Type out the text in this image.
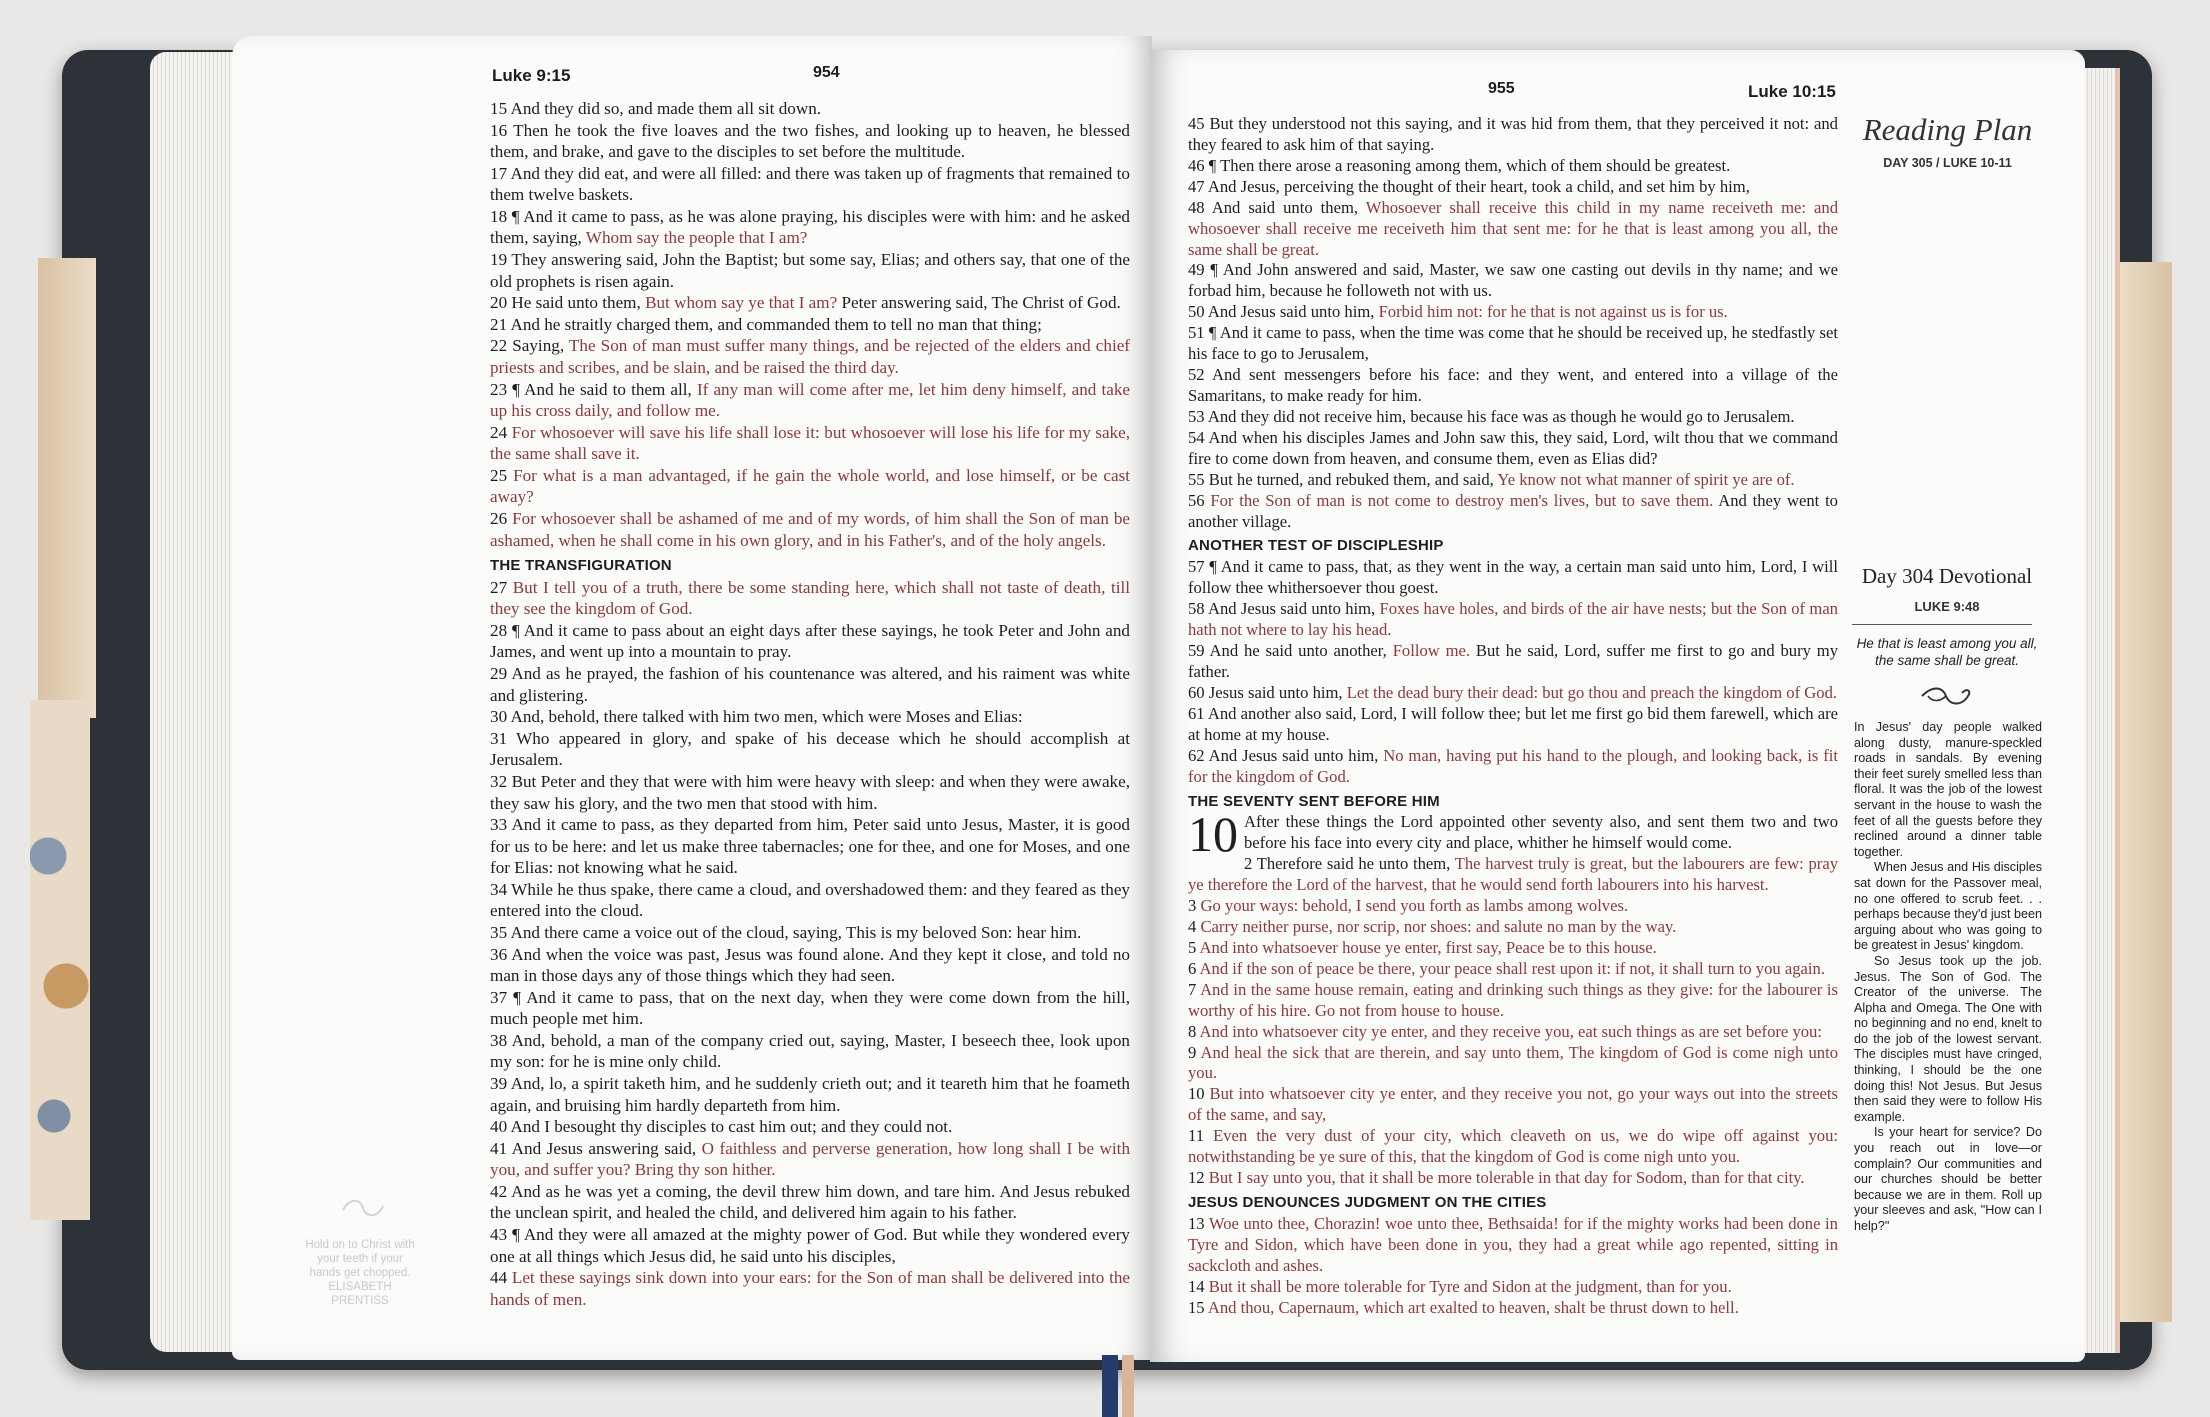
Luke 9:15	954

15 And they did so, and made them all sit down.

16 Then he took the five loaves and the two fishes, and looking up to heaven, he blessed them, and brake, and gave to the disciples to set before the multitude.

17 And they did eat, and were all filled: and there was taken up of fragments that remained to them twelve baskets.

18 ¶ And it came to pass, as he was alone praying, his disciples were with him: and he asked them, saying, Whom say the people that I am?

19 They answering said, John the Baptist; but some say, Elias; and others say, that one of the old prophets is risen again.

20 He said unto them, But whom say ye that I am? Peter answering said, The Christ of God.

21 And he straitly charged them, and commanded them to tell no man that thing;

22 Saying, The Son of man must suffer many things, and be rejected of the elders and chief priests and scribes, and be slain, and be raised the third day.

23 ¶ And he said to them all, If any man will come after me, let him deny himself, and take up his cross daily, and follow me.

24 For whosoever will save his life shall lose it: but whosoever will lose his life for my sake, the same shall save it.

25 For what is a man advantaged, if he gain the whole world, and lose himself, or be cast away?

26 For whosoever shall be ashamed of me and of my words, of him shall the Son of man be ashamed, when he shall come in his own glory, and in his Father's, and of the holy angels.

THE TRANSFIGURATION

27 But I tell you of a truth, there be some standing here, which shall not taste of death, till they see the kingdom of God.

28 ¶ And it came to pass about an eight days after these sayings, he took Peter and John and James, and went up into a mountain to pray.

29 And as he prayed, the fashion of his countenance was altered, and his raiment was white and glistering.

30 And, behold, there talked with him two men, which were Moses and Elias:

31 Who appeared in glory, and spake of his decease which he should accomplish at Jerusalem.

32 But Peter and they that were with him were heavy with sleep: and when they were awake, they saw his glory, and the two men that stood with him.

33 And it came to pass, as they departed from him, Peter said unto Jesus, Master, it is good for us to be here: and let us make three tabernacles; one for thee, and one for Moses, and one for Elias: not knowing what he said.

34 While he thus spake, there came a cloud, and overshadowed them: and they feared as they entered into the cloud.

35 And there came a voice out of the cloud, saying, This is my beloved Son: hear him.

36 And when the voice was past, Jesus was found alone. And they kept it close, and told no man in those days any of those things which they had seen.

37 ¶ And it came to pass, that on the next day, when they were come down from the hill, much people met him.

38 And, behold, a man of the company cried out, saying, Master, I beseech thee, look upon my son: for he is mine only child.

39 And, lo, a spirit taketh him, and he suddenly crieth out; and it teareth him that he foameth again, and bruising him hardly departeth from him.

40 And I besought thy disciples to cast him out; and they could not.

41 And Jesus answering said, O faithless and perverse generation, how long shall I be with you, and suffer you? Bring thy son hither.

42 And as he was yet a coming, the devil threw him down, and tare him. And Jesus rebuked the unclean spirit, and healed the child, and delivered him again to his father.

43 ¶ And they were all amazed at the mighty power of God. But while they wondered every one at all things which Jesus did, he said unto his disciples,

44 Let these sayings sink down into your ears: for the Son of man shall be delivered into the hands of men.

Hold on to Christ with your teeth if your hands get chopped. ELISABETH PRENTISS
955	Luke 10:15

45 But they understood not this saying, and it was hid from them, that they perceived it not: and they feared to ask him of that saying.

46 ¶ Then there arose a reasoning among them, which of them should be greatest.

47 And Jesus, perceiving the thought of their heart, took a child, and set him by him,

48 And said unto them, Whosoever shall receive this child in my name receiveth me: and whosoever shall receive me receiveth him that sent me: for he that is least among you all, the same shall be great.

49 ¶ And John answered and said, Master, we saw one casting out devils in thy name; and we forbad him, because he followeth not with us.

50 And Jesus said unto him, Forbid him not: for he that is not against us is for us.

51 ¶ And it came to pass, when the time was come that he should be received up, he stedfastly set his face to go to Jerusalem,

52 And sent messengers before his face: and they went, and entered into a village of the Samaritans, to make ready for him.

53 And they did not receive him, because his face was as though he would go to Jerusalem.

54 And when his disciples James and John saw this, they said, Lord, wilt thou that we command fire to come down from heaven, and consume them, even as Elias did?

55 But he turned, and rebuked them, and said, Ye know not what manner of spirit ye are of.

56 For the Son of man is not come to destroy men's lives, but to save them. And they went to another village.

ANOTHER TEST OF DISCIPLESHIP

57 ¶ And it came to pass, that, as they went in the way, a certain man said unto him, Lord, I will follow thee whithersoever thou goest.

58 And Jesus said unto him, Foxes have holes, and birds of the air have nests; but the Son of man hath not where to lay his head.

59 And he said unto another, Follow me. But he said, Lord, suffer me first to go and bury my father.

60 Jesus said unto him, Let the dead bury their dead: but go thou and preach the kingdom of God.

61 And another also said, Lord, I will follow thee; but let me first go bid them farewell, which are at home at my house.

62 And Jesus said unto him, No man, having put his hand to the plough, and looking back, is fit for the kingdom of God.

THE SEVENTY SENT BEFORE HIM

10 After these things the Lord appointed other seventy also, and sent them two and two before his face into every city and place, whither he himself would come.

2 Therefore said he unto them, The harvest truly is great, but the labourers are few: pray ye therefore the Lord of the harvest, that he would send forth labourers into his harvest.

3 Go your ways: behold, I send you forth as lambs among wolves.

4 Carry neither purse, nor scrip, nor shoes: and salute no man by the way.

5 And into whatsoever house ye enter, first say, Peace be to this house.

6 And if the son of peace be there, your peace shall rest upon it: if not, it shall turn to you again.

7 And in the same house remain, eating and drinking such things as they give: for the labourer is worthy of his hire. Go not from house to house.

8 And into whatsoever city ye enter, and they receive you, eat such things as are set before you:

9 And heal the sick that are therein, and say unto them, The kingdom of God is come nigh unto you.

10 But into whatsoever city ye enter, and they receive you not, go your ways out into the streets of the same, and say,

11 Even the very dust of your city, which cleaveth on us, we do wipe off against you: notwithstanding be ye sure of this, that the kingdom of God is come nigh unto you.

12 But I say unto you, that it shall be more tolerable in that day for Sodom, than for that city.

JESUS DENOUNCES JUDGMENT ON THE CITIES

13 Woe unto thee, Chorazin! woe unto thee, Bethsaida! for if the mighty works had been done in Tyre and Sidon, which have been done in you, they had a great while ago repented, sitting in sackcloth and ashes.

14 But it shall be more tolerable for Tyre and Sidon at the judgment, than for you.

15 And thou, Capernaum, which art exalted to heaven, shalt be thrust down to hell.

Reading Plan
DAY 305 / LUKE 10-11
Day 304 Devotional
LUKE 9:48
He that is least among you all, the same shall be great.

In Jesus' day people walked along dusty, manure-speckled roads in sandals. By evening their feet surely smelled less than floral. It was the job of the lowest servant in the house to wash the feet of all the guests before they reclined around a dinner table together.

When Jesus and His disciples sat down for the Passover meal, no one offered to scrub feet. . . perhaps because they'd just been arguing about who was going to be greatest in Jesus' kingdom.

So Jesus took up the job. Jesus. The Son of God. The Creator of the universe. The Alpha and Omega. The One with no beginning and no end, knelt to do the job of the lowest servant. The disciples must have cringed, thinking, I should be the one doing this! Not Jesus. But Jesus then said they were to follow His example.

Is your heart for service? Do you reach out in love—or complain? Our communities and our churches should be better because we are in them. Roll up your sleeves and ask, "How can I help?"
